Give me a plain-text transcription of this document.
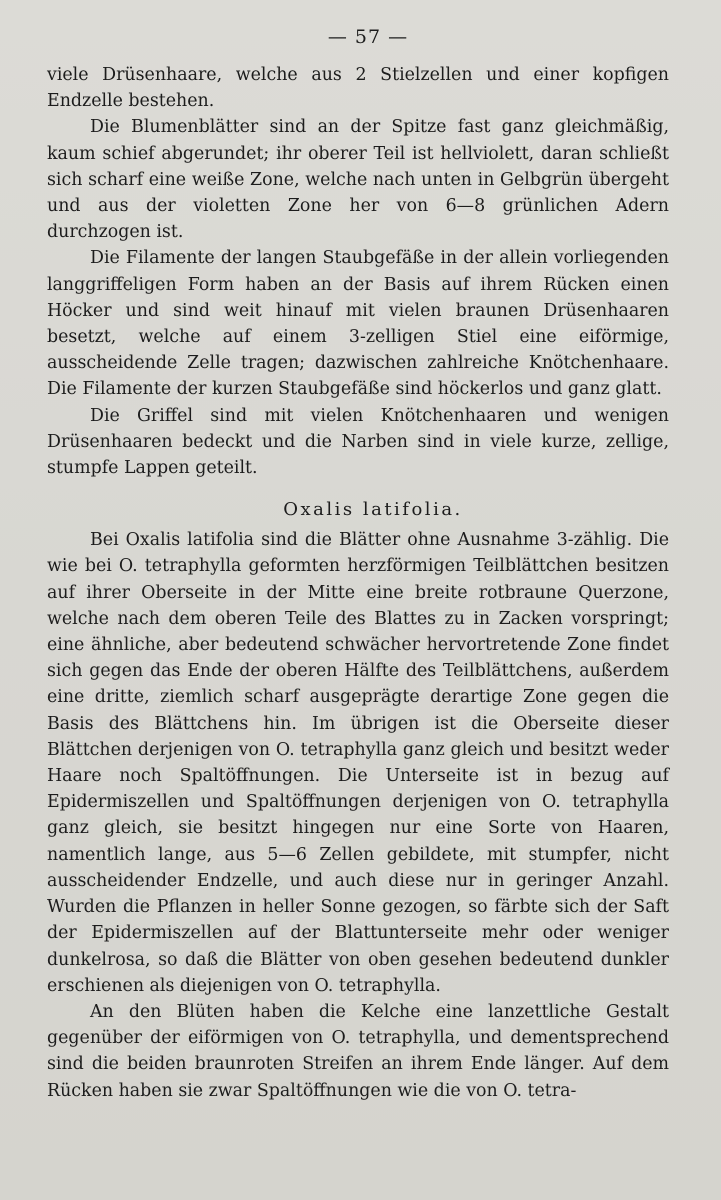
— 57 —

viele Drüsenhaare, welche aus 2 Stielzellen und einer kopfigen Endzelle bestehen.

Die Blumenblätter sind an der Spitze fast ganz gleichmäßig, kaum schief abgerundet; ihr oberer Teil ist hellviolett, daran schließt sich scharf eine weiße Zone, welche nach unten in Gelbgrün übergeht und aus der violetten Zone her von 6—8 grünlichen Adern durchzogen ist.

Die Filamente der langen Staubgefäße in der allein vorliegenden langgriffeligen Form haben an der Basis auf ihrem Rücken einen Höcker und sind weit hinauf mit vielen braunen Drüsenhaaren besetzt, welche auf einem 3-zelligen Stiel eine eiförmige, ausscheidende Zelle tragen; dazwischen zahlreiche Knötchenhaare. Die Filamente der kurzen Staubgefäße sind höckerlos und ganz glatt.

Die Griffel sind mit vielen Knötchenhaaren und wenigen Drüsenhaaren bedeckt und die Narben sind in viele kurze, zellige, stumpfe Lappen geteilt.

Oxalis latifolia.

Bei Oxalis latifolia sind die Blätter ohne Ausnahme 3-zählig. Die wie bei O. tetraphylla geformten herzförmigen Teilblättchen besitzen auf ihrer Oberseite in der Mitte eine breite rotbraune Querzone, welche nach dem oberen Teile des Blattes zu in Zacken vorspringt; eine ähnliche, aber bedeutend schwächer hervortretende Zone findet sich gegen das Ende der oberen Hälfte des Teilblättchens, außerdem eine dritte, ziemlich scharf ausgeprägte derartige Zone gegen die Basis des Blättchens hin. Im übrigen ist die Oberseite dieser Blättchen derjenigen von O. tetraphylla ganz gleich und besitzt weder Haare noch Spaltöffnungen. Die Unterseite ist in bezug auf Epidermiszellen und Spaltöffnungen derjenigen von O. tetraphylla ganz gleich, sie besitzt hingegen nur eine Sorte von Haaren, namentlich lange, aus 5—6 Zellen gebildete, mit stumpfer, nicht ausscheidender Endzelle, und auch diese nur in geringer Anzahl. Wurden die Pflanzen in heller Sonne gezogen, so färbte sich der Saft der Epidermiszellen auf der Blattunterseite mehr oder weniger dunkelrosa, so daß die Blätter von oben gesehen bedeutend dunkler erschienen als diejenigen von O. tetraphylla.

An den Blüten haben die Kelche eine lanzettliche Gestalt gegenüber der eiförmigen von O. tetraphylla, und dementsprechend sind die beiden braunroten Streifen an ihrem Ende länger. Auf dem Rücken haben sie zwar Spaltöffnungen wie die von O. tetra-
